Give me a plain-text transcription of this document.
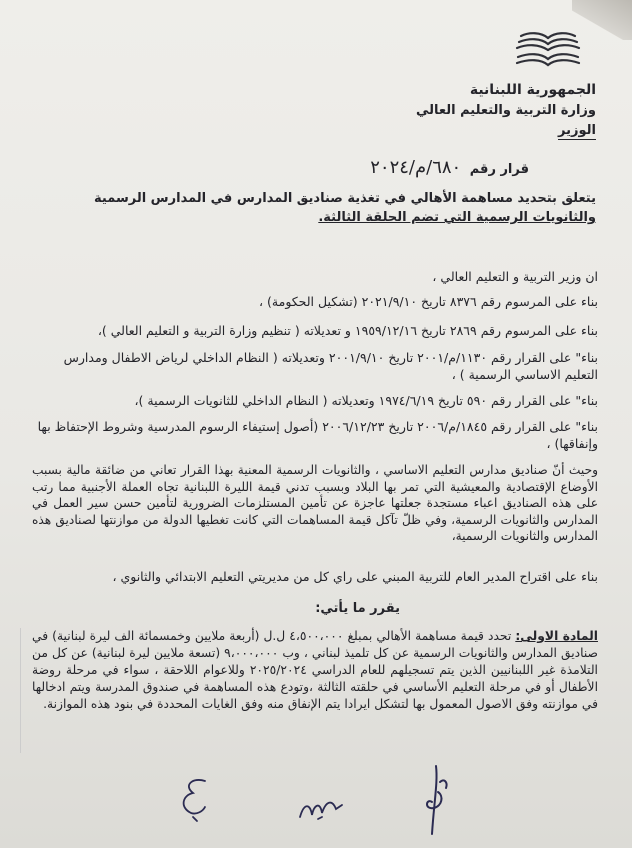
الجمهورية اللبنانية
وزارة التربية والتعليم العالي
الوزير
قرار رقم ٦٨٠/م/٢٠٢٤
يتعلق بتحديد مساهمة الأهالي في تغذية صناديق المدارس في المدارس الرسمية
والثانويات الرسمية التي تضم الحلقة الثالثة.
ان وزير التربية و التعليم العالي ،
بناء على المرسوم رقم ٨٣٧٦ تاريخ ٢٠٢١/٩/١٠ (تشكيل الحكومة) ،
بناء على المرسوم رقم ٢٨٦٩ تاريخ ١٩٥٩/١٢/١٦ و تعديلاته ( تنظيم وزارة التربية و التعليم العالي )،
بناء" على القرار رقم ١١٣٠/م/٢٠٠١ تاريخ ٢٠٠١/٩/١٠ وتعديلاته ( النظام الداخلي لرياض الاطفال ومدارس التعليم الاساسي الرسمية ) ،
بناء" على القرار رقم ٥٩٠ تاريخ ١٩٧٤/٦/١٩ وتعديلاته ( النظام الداخلي للثانويات الرسمية )،
بناء" على القرار رقم ١٨٤٥/م/٢٠٠٦ تاريخ ٢٠٠٦/١٢/٢٣ (أصول إستيفاء الرسوم المدرسية وشروط الإحتفاظ بها وإنفاقها) ،
وحيث أنّ صناديق مدارس التعليم الاساسي ، والثانويات الرسمية المعنية بهذا القرار تعاني من ضائقة مالية بسبب الأوضاع الإقتصادية والمعيشية التي تمر بها البلاد وبسبب تدني قيمة الليرة اللبنانية تجاه العملة الأجنبية مما رتب على هذه الصناديق اعباء مستجدة جعلتها عاجزة عن تأمين المستلزمات الضرورية لتأمين حسن سير العمل في المدارس والثانويات الرسمية، وفي ظلّ تآكل قيمة المساهمات التي كانت تغطيها الدولة من موازنتها لصناديق هذه المدارس والثانويات الرسمية،
بناء على اقتراح المدير العام للتربية المبني على راي كل من مديريتي التعليم الابتدائي والثانوي ،
يقرر ما يأتي:
المادة الاولى: تحدد قيمة مساهمة الأهالي بمبلغ ٤،٥٠٠،٠٠٠ ل.ل (أربعة ملايين وخمسمائة الف ليرة لبنانية) في صناديق المدارس والثانويات الرسمية عن كل تلميذ لبناني ، وب ٩،٠٠٠،٠٠٠ (تسعة ملايين ليرة لبنانية) عن كل من التلامذة غير اللبنانيين الذين يتم تسجيلهم للعام الدراسي ٢٠٢٥/٢٠٢٤ وللاعوام اللاحقة ، سواء في مرحلة روضة الأطفال أو في مرحلة التعليم الأساسي في حلقته الثالثة ،وتودع هذه المساهمة في صندوق المدرسة ويتم ادخالها في موازنته وفق الاصول المعمول بها لتشكل ايرادا يتم الإنفاق منه وفق الغايات المحددة في بنود هذه الموازنة.
